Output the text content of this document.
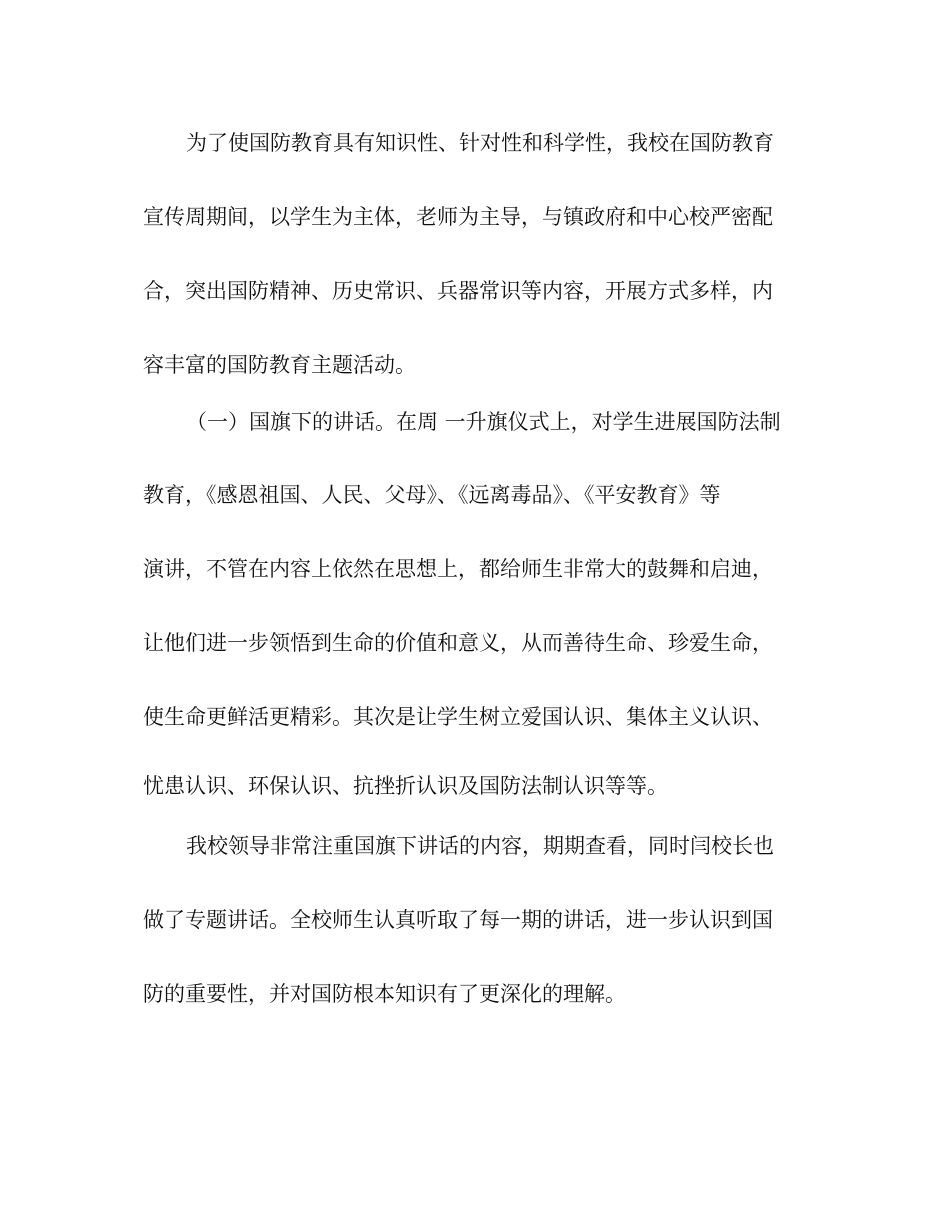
为了使国防教育具有知识性、针对性和科学性，我校在国防教育
宣传周期间，以学生为主体，老师为主导，与镇政府和中心校严密配
合，突出国防精神、历史常识、兵器常识等内容，开展方式多样，内
容丰富的国防教育主题活动。
（一）国旗下的讲话。在周 一升旗仪式上，对学生进展国防法制
教育，《感恩祖国、人民、父母》、《远离毒品》、《平安教育》等
演讲，不管在内容上依然在思想上，都给师生非常大的鼓舞和启迪，
让他们进一步领悟到生命的价值和意义，从而善待生命、珍爱生命，
使生命更鲜活更精彩。其次是让学生树立爱国认识、集体主义认识、
忧患认识、环保认识、抗挫折认识及国防法制认识等等。
我校领导非常注重国旗下讲话的内容，期期查看，同时闫校长也
做了专题讲话。全校师生认真听取了每一期的讲话，进一步认识到国
防的重要性，并对国防根本知识有了更深化的理解。
